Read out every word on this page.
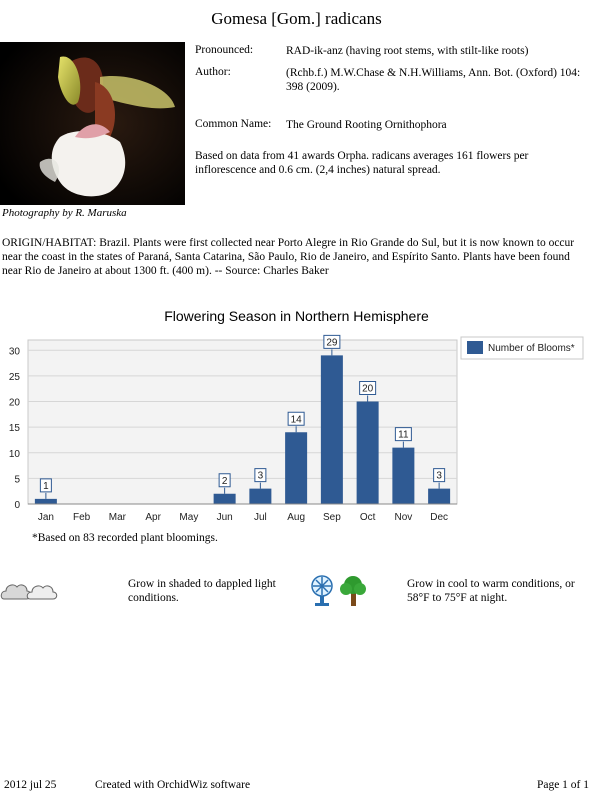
Gomesa [Gom.] radicans
Photography by R. Maruska
Pronounced:	RAD-ik-anz (having root stems, with stilt-like roots)
Author:	(Rchb.f.) M.W.Chase & N.H.Williams, Ann. Bot. (Oxford) 104: 398 (2009).
Common Name: The Ground Rooting Ornithophora
Based on data from 41 awards Orpha. radicans averages 161 flowers per inflorescence and 0.6 cm. (2,4 inches) natural spread.
ORIGIN/HABITAT: Brazil. Plants were first collected near Porto Alegre in Rio Grande do Sul, but it is now known to occur near the coast in the states of Paraná, Santa Catarina, São Paulo, Rio de Janeiro, and Espírito Santo. Plants have been found near Rio de Janeiro at about 1300 ft. (400 m). -- Source: Charles Baker
Flowering Season in Northern Hemisphere
1	2	3
14
29
20
11
3
0
5
10
15
20
25
30
Jan Feb Mar Apr May Jun Jul Aug Sep Oct Nov Dec
Number of Blooms*
*Based on 83 recorded plant bloomings.
Grow in shaded to dappled light conditions.
Grow in cool to warm conditions, or 58°F to 75°F at night.
2012 jul 25	Created with OrchidWiz software	Page 1 of 1
